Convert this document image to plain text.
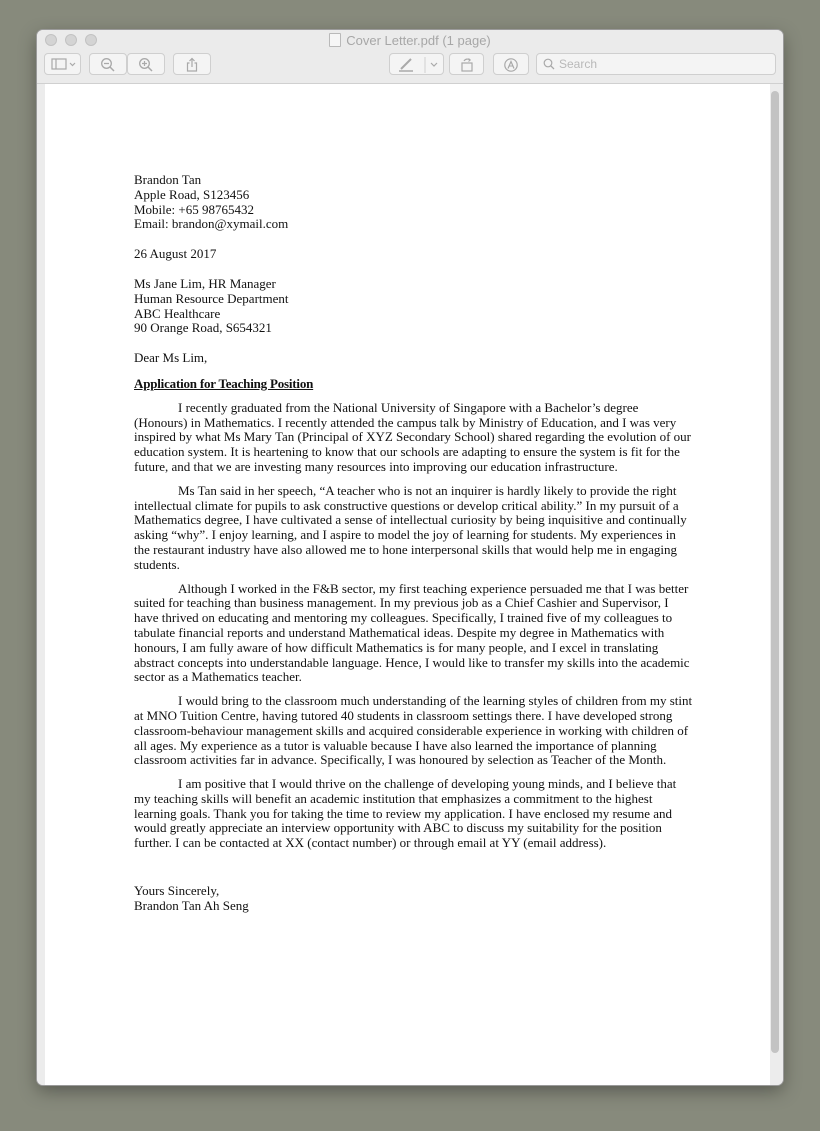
Cover Letter.pdf (1 page)
Search
Brandon Tan
Apple Road, S123456
Mobile: +65 98765432
Email: brandon@xymail.com
26 August 2017
Ms Jane Lim, HR Manager
Human Resource Department
ABC Healthcare
90 Orange Road, S654321
Dear Ms Lim,
Application for Teaching Position

I recently graduated from the National University of Singapore with a Bachelor’s degree (Honours) in Mathematics. I recently attended the campus talk by Ministry of Education, and I was very inspired by what Ms Mary Tan (Principal of XYZ Secondary School) shared regarding the evolution of our education system. It is heartening to know that our schools are adapting to ensure the system is fit for the future, and that we are investing many resources into improving our education infrastructure.

Ms Tan said in her speech, “A teacher who is not an inquirer is hardly likely to provide the right intellectual climate for pupils to ask constructive questions or develop critical ability.” In my pursuit of a Mathematics degree, I have cultivated a sense of intellectual curiosity by being inquisitive and continually asking “why”. I enjoy learning, and I aspire to model the joy of learning for students. My experiences in the restaurant industry have also allowed me to hone interpersonal skills that would help me in engaging students.

Although I worked in the F&B sector, my first teaching experience persuaded me that I was better suited for teaching than business management. In my previous job as a Chief Cashier and Supervisor, I have thrived on educating and mentoring my colleagues. Specifically, I trained five of my colleagues to tabulate financial reports and understand Mathematical ideas. Despite my degree in Mathematics with honours, I am fully aware of how difficult Mathematics is for many people, and I excel in translating abstract concepts into understandable language. Hence, I would like to transfer my skills into the academic sector as a Mathematics teacher.

I would bring to the classroom much understanding of the learning styles of children from my stint at MNO Tuition Centre, having tutored 40 students in classroom settings there. I have developed strong classroom-behaviour management skills and acquired considerable experience in working with children of all ages. My experience as a tutor is valuable because I have also learned the importance of planning classroom activities far in advance. Specifically, I was honoured by selection as Teacher of the Month.

I am positive that I would thrive on the challenge of developing young minds, and I believe that my teaching skills will benefit an academic institution that emphasizes a commitment to the highest learning goals. Thank you for taking the time to review my application. I have enclosed my resume and would greatly appreciate an interview opportunity with ABC to discuss my suitability for the position further. I can be contacted at XX (contact number) or through email at YY (email address).

Yours Sincerely,
Brandon Tan Ah Seng
